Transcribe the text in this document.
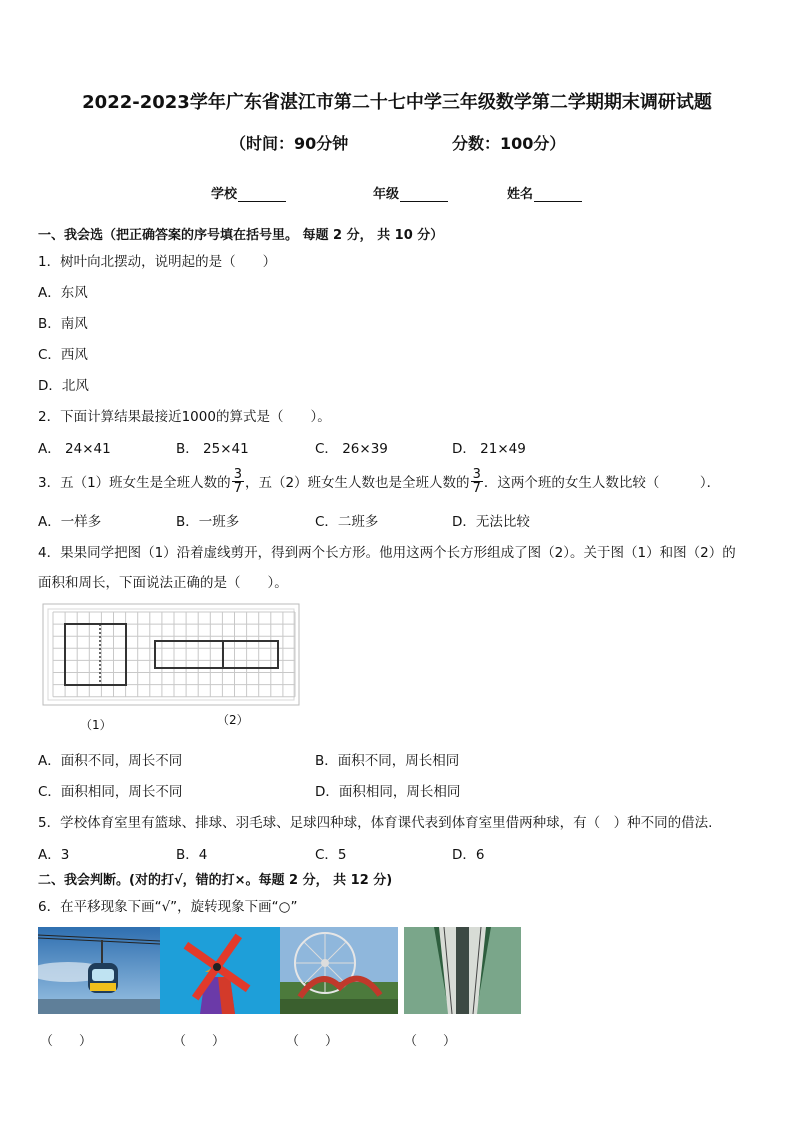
2022-2023学年广东省湛江市第二十七中学三年级数学第二学期期末调研试题
（时间：90分钟	分数：100分）
学校	年级	姓名
一、我会选（把正确答案的序号填在括号里。 每题 2 分， 共 10 分）
1．树叶向北摆动，说明起的是（　　）
A．东风
B．南风
C．西风
D．北风
2．下面计算结果最接近1000的算式是（　　）。
A． 24×41	B． 25×41	C． 26×39	D． 21×49
3．五（1）班女生是全班人数的 $\frac{3}{7}$ ，五（2）班女生人数也是全班人数的 $\frac{3}{7}$ ．这两个班的女生人数比较（　　　）．
A．一样多	B．一班多	C．二班多	D．无法比较
4．果果同学把图（1）沿着虚线剪开，得到两个长方形。他用这两个长方形组成了图（2）。关于图（1）和图（2）的
面积和周长，下面说法正确的是（　　）。
（1）	（2）
A．面积不同，周长不同	B．面积不同，周长相同
C．面积相同，周长不同	D．面积相同，周长相同
5．学校体育室里有篮球、排球、羽毛球、足球四种球，体育课代表到体育室里借两种球，有（　）种不同的借法.
A．3	B．4	C．5	D．6
二、我会判断。(对的打√，错的打×。每题 2 分， 共 12 分)
6．在平移现象下画“√”，旋转现象下画“○”
（　　）	（　　）	（　　）	（　　）
